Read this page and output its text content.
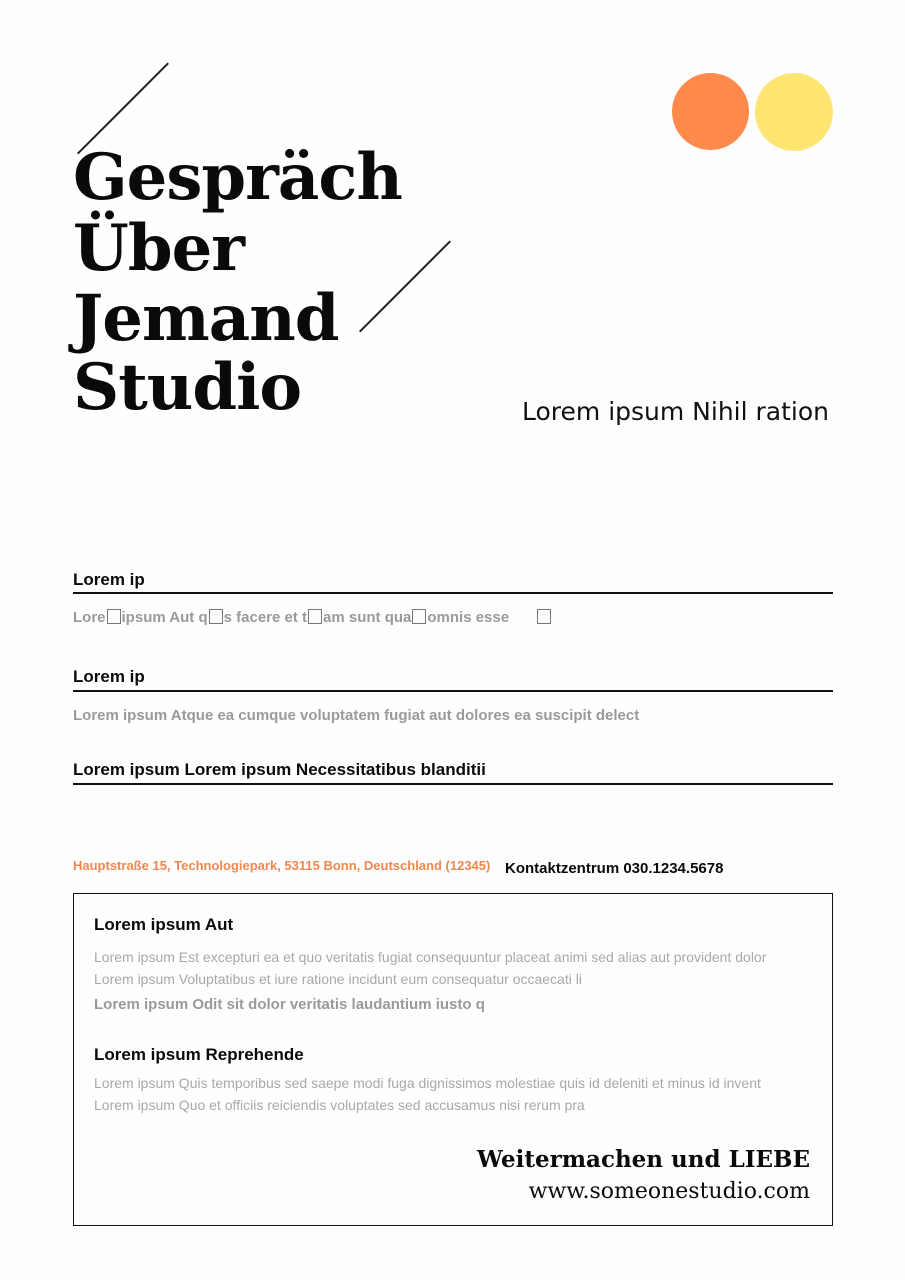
Gespräch
Über
Jemand
Studio	Lorem ipsum Nihil ration
Lorem ip
Lore ipsum Aut q s facere et t am sunt qua omnis esse
Lorem ip
Lorem ipsum Atque ea cumque voluptatem fugiat aut dolores ea suscipit delect
Lorem ipsum Lorem ipsum Necessitatibus blanditii
Hauptstraße 15, Technologiepark, 53115 Bonn, Deutschland (12345) Kontaktzentrum 030.1234.5678
Lorem ipsum Aut
Lorem ipsum Est excepturi ea et quo veritatis fugiat consequuntur placeat animi sed alias aut provident dolor
Lorem ipsum Voluptatibus et iure ratione incidunt eum consequatur occaecati li
Lorem ipsum Odit sit dolor veritatis laudantium iusto q
Lorem ipsum Reprehende
Lorem ipsum Quis temporibus sed saepe modi fuga dignissimos molestiae quis id deleniti et minus id invent
Lorem ipsum Quo et officiis reiciendis voluptates sed accusamus nisi rerum pra
Weitermachen und LIEBE
www.someonestudio.com
